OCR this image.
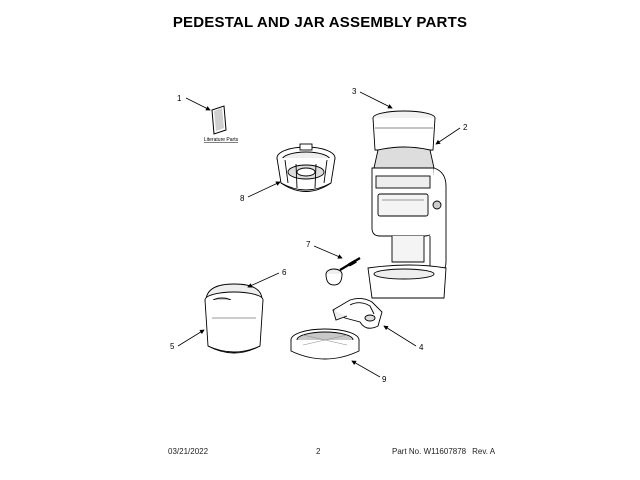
PEDESTAL AND JAR ASSEMBLY PARTS
Literature Parts
1
2
3
4
5
6
7
8
9
03/21/2022	2	Part No. W11607878 Rev. A
